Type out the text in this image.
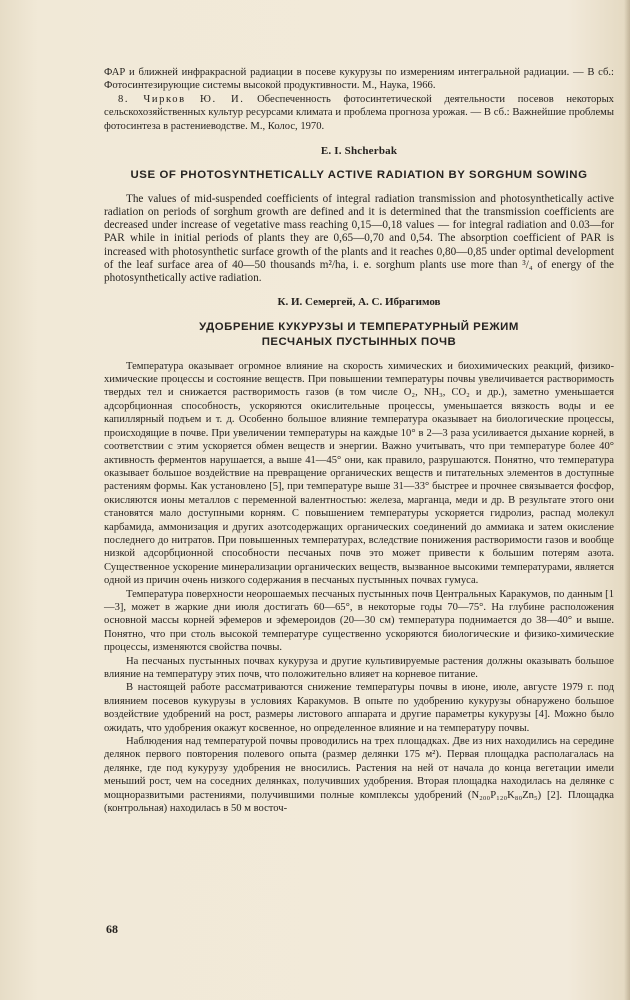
ФАР и ближней инфракрасной радиации в посеве кукурузы по измерениям интегральной радиации. — В сб.: Фотосинтезирующие системы высокой продуктивности. М., Наука, 1966.

8. Чирков Ю. И. Обеспеченность фотосинтетической деятельности посевов некоторых сельскохозяйственных культур ресурсами климата и проблема прогноза урожая. — В сб.: Важнейшие проблемы фотосинтеза в растениеводстве. М., Колос, 1970.

E. I. Shcherbak
USE OF PHOTOSYNTHETICALLY ACTIVE RADIATION BY SORGHUM SOWING

The values of mid-suspended coefficients of integral radiation transmission and photosynthetically active radiation on periods of sorghum growth are defined and it is determined that the transmission coefficients are decreased under increase of vegetative mass reaching 0,15—0,18 values — for integral radiation and 0.03—for PAR while in initial periods of plants they are 0,65—0,70 and 0,54. The absorption coefficient of PAR is increased with photosynthetic surface growth of the plants and it reaches 0,80—0,85 under optimal development of the leaf surface area of 40—50 thousands m²/ha, i. e. sorghum plants use more than ³/₄ of energy of the photosynthetically active radiation.

К. И. Семергей, А. С. Ибрагимов
УДОБРЕНИЕ КУКУРУЗЫ И ТЕМПЕРАТУРНЫЙ РЕЖИМ
ПЕСЧАНЫХ ПУСТЫННЫХ ПОЧВ

Температура оказывает огромное влияние на скорость химических и биохимических реакций, физико-химические процессы и состояние веществ. При повышении температуры почвы увеличивается растворимость твердых тел и снижается растворимость газов (в том числе O₂, NH₃, CO₂ и др.), заметно уменьшается адсорбционная способность, ускоряются окислительные процессы, уменьшается вязкость воды и ее капиллярный подъем и т. д. Особенно большое влияние температура оказывает на биологические процессы, происходящие в почве. При увеличении температуры на каждые 10° в 2—3 раза усиливается дыхание корней, в соответствии с этим ускоряется обмен веществ и энергии. Важно учитывать, что при температуре более 40° активность ферментов нарушается, а выше 41—45° они, как правило, разрушаются. Понятно, что температура оказывает большое воздействие на превращение органических веществ и питательных элементов в доступные растениям формы. Как установлено [5], при температуре выше 31—33° быстрее и прочнее связывается фосфор, окисляются ионы металлов с переменной валентностью: железа, марганца, меди и др. В результате этого они становятся мало доступными корням. С повышением температуры ускоряется гидролиз, распад молекул карбамида, аммонизация и других азотсодержащих органических соединений до аммиака и затем окисление последнего до нитратов. При повышенных температурах, вследствие понижения растворимости газов и вообще низкой адсорбционной способности песчаных почв это может привести к большим потерям азота. Существенное ускорение минерализации органических веществ, вызванное высокими температурами, является одной из причин очень низкого содержания в песчаных пустынных почвах гумуса.

Температура поверхности неорошаемых песчаных пустынных почв Центральных Каракумов, по данным [1—3], может в жаркие дни июля достигать 60—65°, в некоторые годы 70—75°. На глубине расположения основной массы корней эфемеров и эфемероидов (20—30 см) температура поднимается до 38—40° и выше. Понятно, что при столь высокой температуре существенно ускоряются биологические и физико-химические процессы, изменяются свойства почвы.

На песчаных пустынных почвах кукуруза и другие культивируемые растения должны оказывать большое влияние на температуру этих почв, что положительно влияет на корневое питание.

В настоящей работе рассматриваются снижение температуры почвы в июне, июле, августе 1979 г. под влиянием посевов кукурузы в условиях Каракумов. В опыте по удобрению кукурузы обнаружено большое воздействие удобрений на рост, размеры листового аппарата и другие параметры кукурузы [4]. Можно было ожидать, что удобрения окажут косвенное, но определенное влияние и на температуру почвы.

Наблюдения над температурой почвы проводились на трех площадках. Две из них находились на середине делянок первого повторения полевого опыта (размер делянки 175 м²). Первая площадка располагалась на делянке, где под кукурузу удобрения не вносились. Растения на ней от начала до конца вегетации имели меньший рост, чем на соседних делянках, получивших удобрения. Вторая площадка находилась на делянке с мощноразвитыми растениями, получившими полные комплексы удобрений (N₂₀₀P₁₂₀K₈₀Zn₅) [2]. Площадка (контрольная) находилась в 50 м восточ-

68
